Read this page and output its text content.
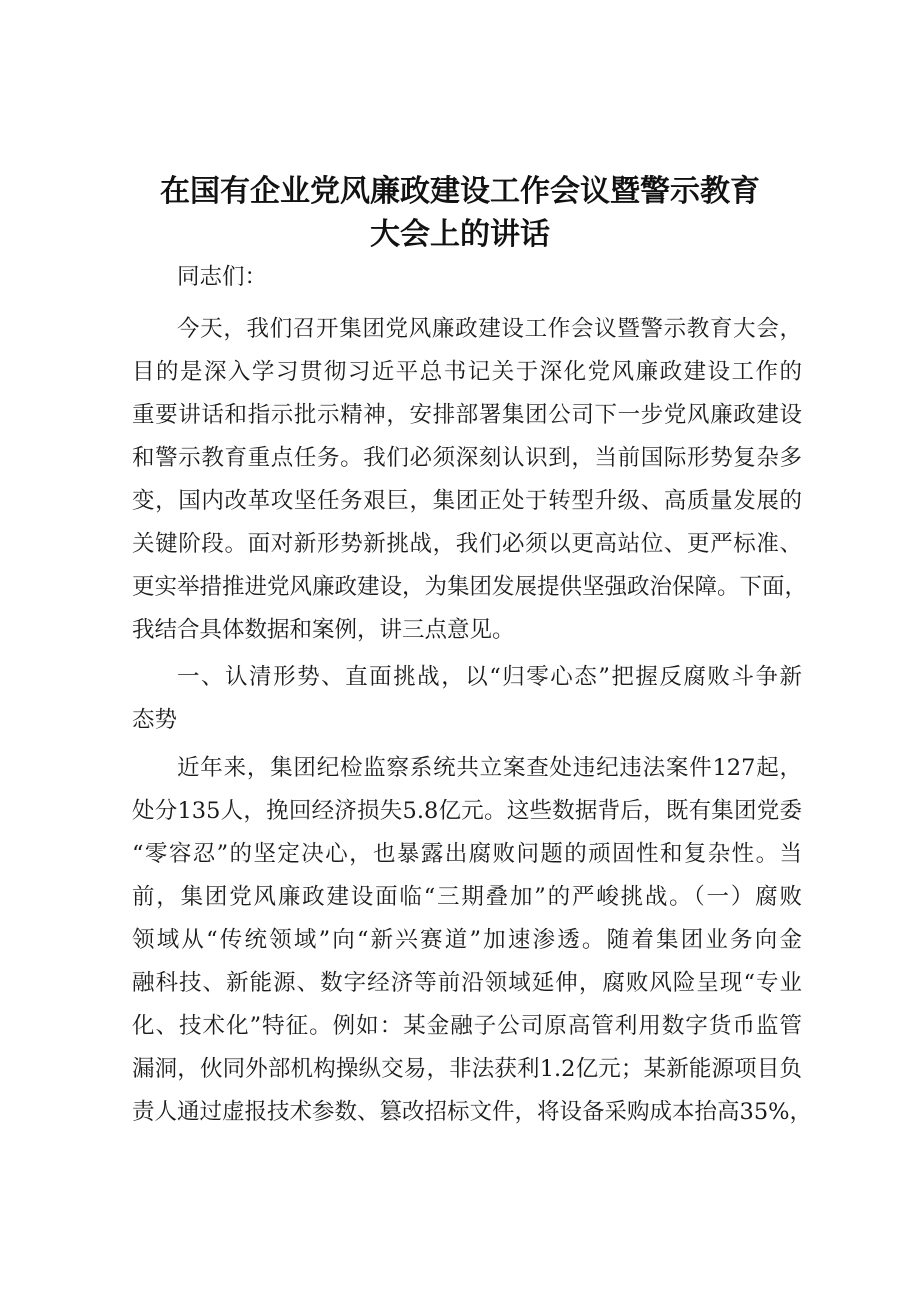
在国有企业党风廉政建设工作会议暨警示教育
大会上的讲话
同志们：
今天，我们召开集团党风廉政建设工作会议暨警示教育大会，
目的是深入学习贯彻习近平总书记关于深化党风廉政建设工作的
重要讲话和指示批示精神，安排部署集团公司下一步党风廉政建设
和警示教育重点任务。我们必须深刻认识到，当前国际形势复杂多
变，国内改革攻坚任务艰巨，集团正处于转型升级、高质量发展的
关键阶段。面对新形势新挑战，我们必须以更高站位、更严标准、
更实举措推进党风廉政建设，为集团发展提供坚强政治保障。下面，
我结合具体数据和案例，讲三点意见。
一、认清形势、直面挑战，以“归零心态”把握反腐败斗争新
态势
近年来，集团纪检监察系统共立案查处违纪违法案件127起，
处分135人，挽回经济损失5.8亿元。这些数据背后，既有集团党委
“零容忍”的坚定决心，也暴露出腐败问题的顽固性和复杂性。当
前，集团党风廉政建设面临“三期叠加”的严峻挑战。（一）腐败
领域从“传统领域”向“新兴赛道”加速渗透。随着集团业务向金
融科技、新能源、数字经济等前沿领域延伸，腐败风险呈现“专业
化、技术化”特征。例如：某金融子公司原高管利用数字货币监管
漏洞，伙同外部机构操纵交易，非法获利1.2亿元；某新能源项目负
责人通过虚报技术参数、篡改招标文件，将设备采购成本抬高35%，
